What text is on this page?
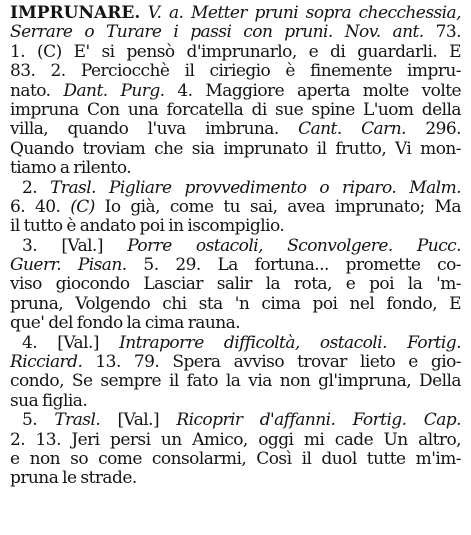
IMPRUNARE. V. a. Metter pruni sopra checchessia,
Serrare o Turare i passi con pruni. Nov. ant. 73.
1. (C) E' si pensò d'imprunarlo, e di guardarli. E
83. 2. Perciocchè il ciriegio è finemente impru-
nato. Dant. Purg. 4. Maggiore aperta molte volte
impruna Con una forcatella di sue spine L'uom della
villa, quando l'uva imbruna. Cant. Carn. 296.
Quando troviam che sia imprunato il frutto, Vi mon-
tiamo a rilento.
2. Trasl. Pigliare provvedimento o riparo. Malm.
6. 40. (C) Io già, come tu sai, avea imprunato; Ma
il tutto è andato poi in iscompiglio.
3. [Val.] Porre ostacoli, Sconvolgere. Pucc.
Guerr. Pisan. 5. 29. La fortuna... promette co-
viso giocondo Lasciar salir la rota, e poi la 'm-
pruna, Volgendo chi sta 'n cima poi nel fondo, E
que' del fondo la cima rauna.
4. [Val.] Intraporre difficoltà, ostacoli. Fortig.
Ricciard. 13. 79. Spera avviso trovar lieto e gio-
condo, Se sempre il fato la via non gl'impruna, Della
sua figlia.
5. Trasl. [Val.] Ricoprir d'affanni. Fortig. Cap.
2. 13. Jeri persi un Amico, oggi mi cade Un altro,
e non so come consolarmi, Così il duol tutte m'im-
pruna le strade.
